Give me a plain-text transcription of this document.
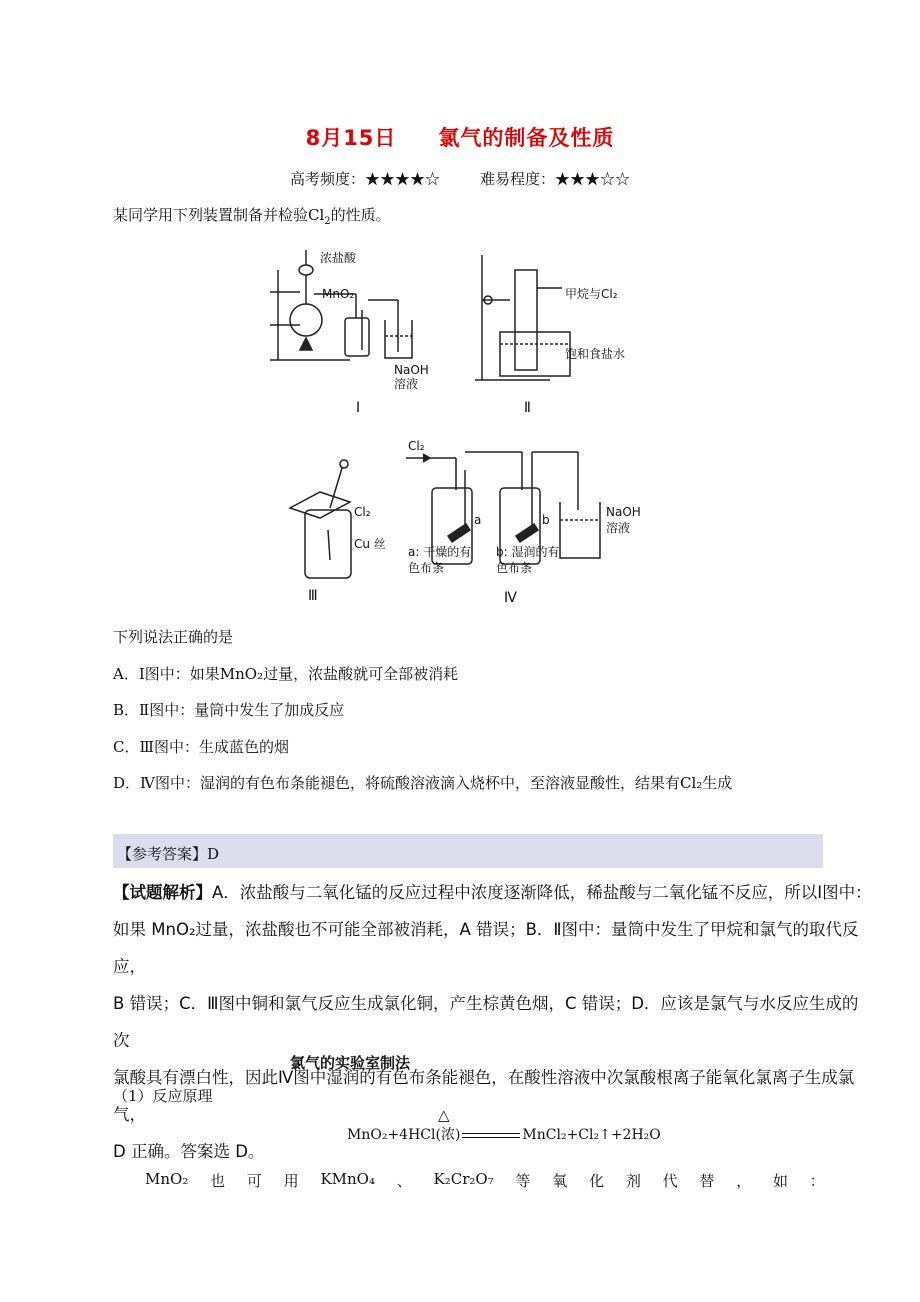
8月15日 氯气的制备及性质
高考频度：★★★★☆	难易程度：★★★☆☆
某同学用下列装置制备并检验$Cl_2$的性质。
浓盐酸
MnO₂
NaOH
溶液
Ⅰ
甲烷与Cl₂
饱和食盐水
Ⅱ
Cl₂
Cu 丝
Ⅲ
Cl₂
a	b
a: 干燥的有
色布条
b: 湿润的有
色布条
NaOH
溶液
Ⅳ
下列说法正确的是
A．Ⅰ图中：如果MnO₂过量，浓盐酸就可全部被消耗
B．Ⅱ图中：量筒中发生了加成反应
C．Ⅲ图中：生成蓝色的烟
D．Ⅳ图中：湿润的有色布条能褪色，将硫酸溶液滴入烧杯中，至溶液显酸性，结果有Cl₂生成
【参考答案】D
【试题解析】A．浓盐酸与二氧化锰的反应过程中浓度逐渐降低，稀盐酸与二氧化锰不反应，所以Ⅰ图中：
如果 MnO₂过量，浓盐酸也不可能全部被消耗，A 错误；B．Ⅱ图中：量筒中发生了甲烷和氯气的取代反应，
B 错误；C．Ⅲ图中铜和氯气反应生成氯化铜，产生棕黄色烟，C 错误；D．应该是氯气与水反应生成的次
氯酸具有漂白性，因此Ⅳ图中湿润的有色布条能褪色，在酸性溶液中次氯酸根离子能氧化氯离子生成氯气，
D 正确。答案选 D。
氯气的实验室制法
（1）反应原理
△
MnO₂+4HCl(浓)	MnCl₂+Cl₂↑+2H₂O
MnO₂ 也 可 用 KMnO₄ 、 K₂Cr₂O₇ 等 氧 化 剂 代 替 ， 如 ：
